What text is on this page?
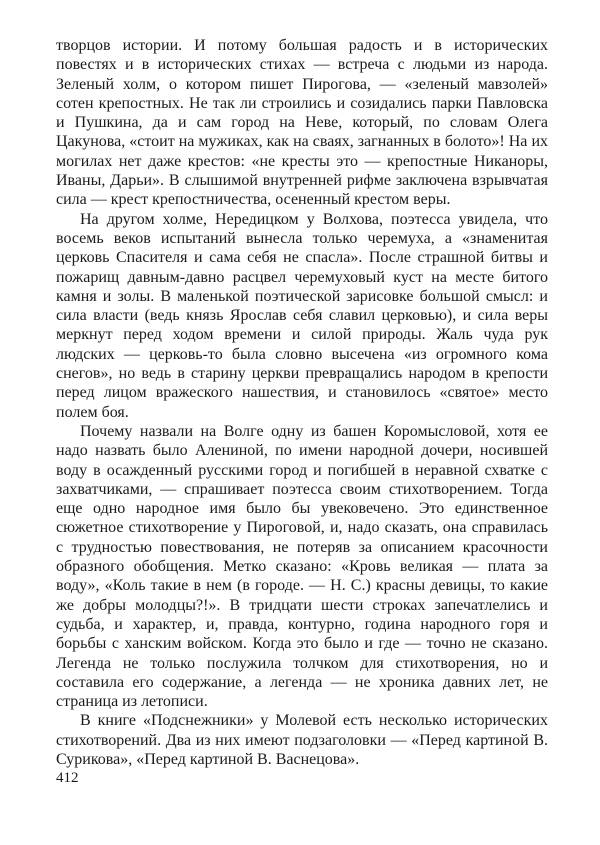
творцов истории. И потому большая радость и в исторических повестях и в исторических стихах — встреча с людьми из народа. Зеленый холм, о котором пишет Пирогова, — «зеленый мавзолей» сотен крепостных. Не так ли строились и созидались парки Павловска и Пушкина, да и сам город на Неве, который, по словам Олега Цакунова, «стоит на мужиках, как на сваях, загнанных в болото»! На их могилах нет даже крестов: «не кресты это — крепостные Никаноры, Иваны, Дарьи». В слышимой внутренней рифме заключена взрывчатая сила — крест крепостничества, осененный крестом веры.

На другом холме, Нередицком у Волхова, поэтесса увидела, что восемь веков испытаний вынесла только черемуха, а «знаменитая церковь Спасителя и сама себя не спасла». После страшной битвы и пожарищ давным-давно расцвел черемуховый куст на месте битого камня и золы. В маленькой поэтической зарисовке большой смысл: и сила власти (ведь князь Ярослав себя славил церковью), и сила веры меркнут перед ходом времени и силой природы. Жаль чуда рук людских — церковь-то была словно высечена «из огромного кома снегов», но ведь в старину церкви превращались народом в крепости перед лицом вражеского нашествия, и становилось «святое» место полем боя.

Почему назвали на Волге одну из башен Коромысловой, хотя ее надо назвать было Алениной, по имени народной дочери, носившей воду в осажденный русскими город и погибшей в неравной схватке с захватчиками, — спрашивает поэтесса своим стихотворением. Тогда еще одно народное имя было бы увековечено. Это единственное сюжетное стихотворение у Пироговой, и, надо сказать, она справилась с трудностью повествования, не потеряв за описанием красочности образного обобщения. Метко сказано: «Кровь великая — плата за воду», «Коль такие в нем (в городе. — Н. С.) красны девицы, то какие же добры молодцы?!». В тридцати шести строках запечатлелись и судьба, и характер, и, правда, контурно, година народного горя и борьбы с ханским войском. Когда это было и где — точно не сказано. Легенда не только послужила толчком для стихотворения, но и составила его содержание, а легенда — не хроника давних лет, не страница из летописи.

В книге «Подснежники» у Молевой есть несколько исторических стихотворений. Два из них имеют подзаголовки — «Перед картиной В. Сурикова», «Перед картиной В. Васнецова».

412
